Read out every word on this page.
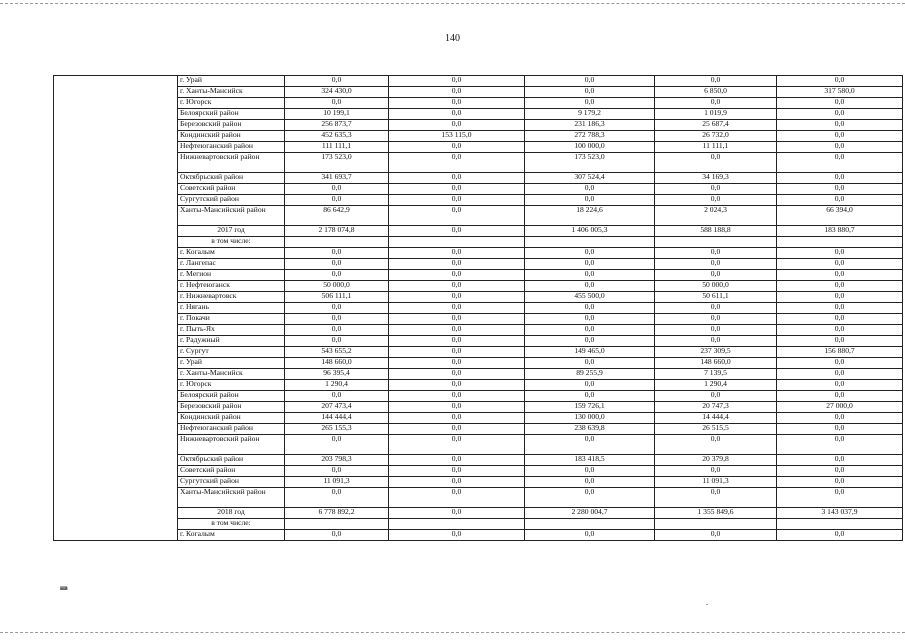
140
	г. Урай	0,0	0,0	0,0	0,0	0,0
	г. Ханты-Мансийск	324 430,0	0,0	0,0	6 850,0	317 580,0
	г. Югорск	0,0	0,0	0,0	0,0	0,0
	Белоярский район	10 199,1	0,0	9 179,2	1 019,9	0,0
	Березовский район	256 873,7	0,0	231 186,3	25 687,4	0,0
	Кондинский район	452 635,3	153 115,0	272 788,3	26 732,0	0,0
	Нефтеюганский район	111 111,1	0,0	100 000,0	11 111,1	0,0
	Нижневартовский район	173 523,0	0,0	173 523,0	0,0	0,0
	Октябрьский район	341 693,7	0,0	307 524,4	34 169,3	0,0
	Советский район	0,0	0,0	0,0	0,0	0,0
	Сургутский район	0,0	0,0	0,0	0,0	0,0
	Ханты-Мансийский район	86 642,9	0,0	18 224,6	2 024,3	66 394,0
	2017 год	2 178 074,8	0,0	1 406 005,3	588 188,8	183 880,7
	в том числе:					
	г. Когалым	0,0	0,0	0,0	0,0	0,0
	г. Лангепас	0,0	0,0	0,0	0,0	0,0
	г. Мегион	0,0	0,0	0,0	0,0	0,0
	г. Нефтеюганск	50 000,0	0,0	0,0	50 000,0	0,0
	г. Нижневартовск	506 111,1	0,0	455 500,0	50 611,1	0,0
	г. Нягань	0,0	0,0	0,0	0,0	0,0
	г. Покачи	0,0	0,0	0,0	0,0	0,0
	г. Пыть-Ях	0,0	0,0	0,0	0,0	0,0
	г. Радужный	0,0	0,0	0,0	0,0	0,0
	г. Сургут	543 655,2	0,0	149 465,0	237 309,5	156 880,7
	г. Урай	148 660,0	0,0	0,0	148 660,0	0,0
	г. Ханты-Мансийск	96 395,4	0,0	89 255,9	7 139,5	0,0
	г. Югорск	1 290,4	0,0	0,0	1 290,4	0,0
	Белоярский район	0,0	0,0	0,0	0,0	0,0
	Березовский район	207 473,4	0,0	159 726,1	20 747,3	27 000,0
	Кондинский район	144 444,4	0,0	130 000,0	14 444,4	0,0
	Нефтеюганский район	265 155,3	0,0	238 639,8	26 515,5	0,0
	Нижневартовский район	0,0	0,0	0,0	0,0	0,0
	Октябрьский район	203 798,3	0,0	183 418,5	20 379,8	0,0
	Советский район	0,0	0,0	0,0	0,0	0,0
	Сургутский район	11 091,3	0,0	0,0	11 091,3	0,0
	Ханты-Мансийский район	0,0	0,0	0,0	0,0	0,0
	2018 год	6 778 892,2	0,0	2 280 004,7	1 355 849,6	3 143 037,9
	в том числе:					
	г. Когалым	0,0	0,0	0,0	0,0	0,0
нв
